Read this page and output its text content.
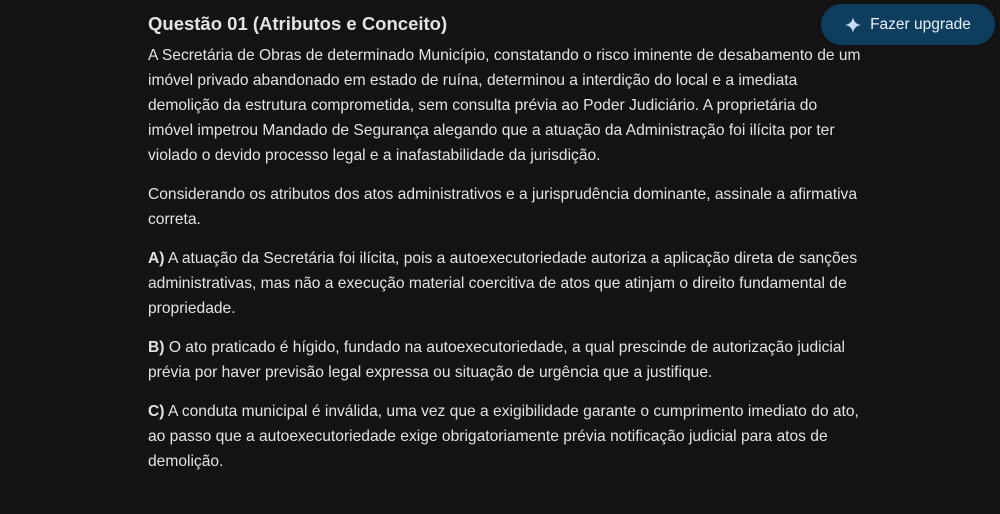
Fazer upgrade
Questão 01 (Atributos e Conceito)

A Secretária de Obras de determinado Município, constatando o risco iminente de desabamento de um imóvel privado abandonado em estado de ruína, determinou a interdição do local e a imediata demolição da estrutura comprometida, sem consulta prévia ao Poder Judiciário. A proprietária do imóvel impetrou Mandado de Segurança alegando que a atuação da Administração foi ilícita por ter violado o devido processo legal e a inafastabilidade da jurisdição.

Considerando os atributos dos atos administrativos e a jurisprudência dominante, assinale a afirmativa correta.

A) A atuação da Secretária foi ilícita, pois a autoexecutoriedade autoriza a aplicação direta de sanções administrativas, mas não a execução material coercitiva de atos que atinjam o direito fundamental de propriedade.

B) O ato praticado é hígido, fundado na autoexecutoriedade, a qual prescinde de autorização judicial prévia por haver previsão legal expressa ou situação de urgência que a justifique.

C) A conduta municipal é inválida, uma vez que a exigibilidade garante o cumprimento imediato do ato, ao passo que a autoexecutoriedade exige obrigatoriamente prévia notificação judicial para atos de demolição.
